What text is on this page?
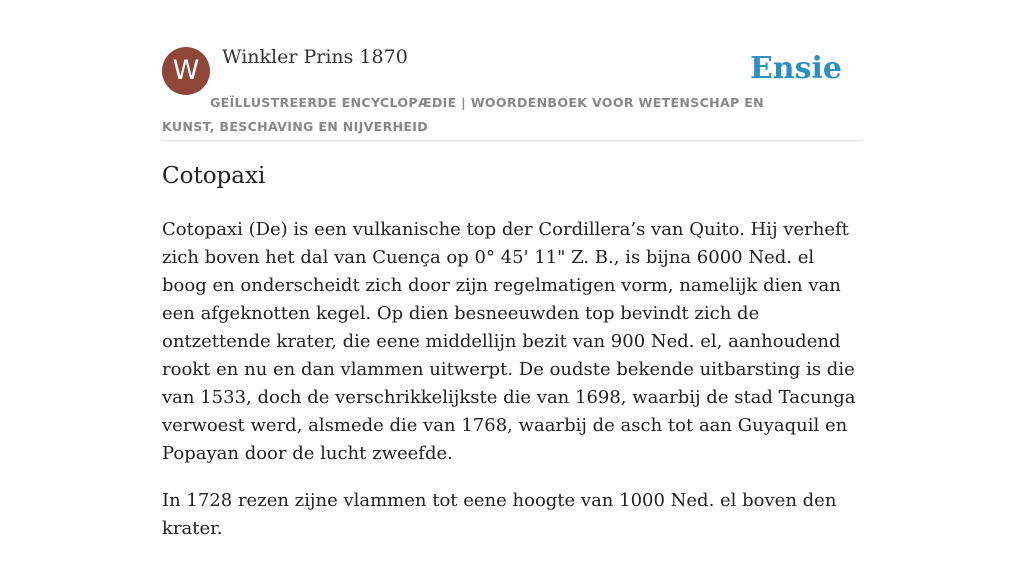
W	Winkler Prins 1870	Ensie
GEÏLLUSTREERDE ENCYCLOPÆDIE | WOORDENBOEK VOOR WETENSCHAP EN KUNST, BESCHAVING EN NIJVERHEID
Cotopaxi

Cotopaxi (De) is een vulkanische top der Cordillera’s van Quito. Hij verheft zich boven het dal van Cuença op 0° 45' 11" Z. B., is bijna 6000 Ned. el boog en onderscheidt zich door zijn regelmatigen vorm, namelijk dien van een afgeknotten kegel. Op dien besneeuwden top bevindt zich de ontzettende krater, die eene middellijn bezit van 900 Ned. el, aanhoudend rookt en nu en dan vlammen uitwerpt. De oudste bekende uitbarsting is die van 1533, doch de verschrikkelijkste die van 1698, waarbij de stad Tacunga verwoest werd, alsmede die van 1768, waarbij de asch tot aan Guyaquil en Popayan door de lucht zweefde.

In 1728 rezen zijne vlammen tot eene hoogte van 1000 Ned. el boven den krater.
